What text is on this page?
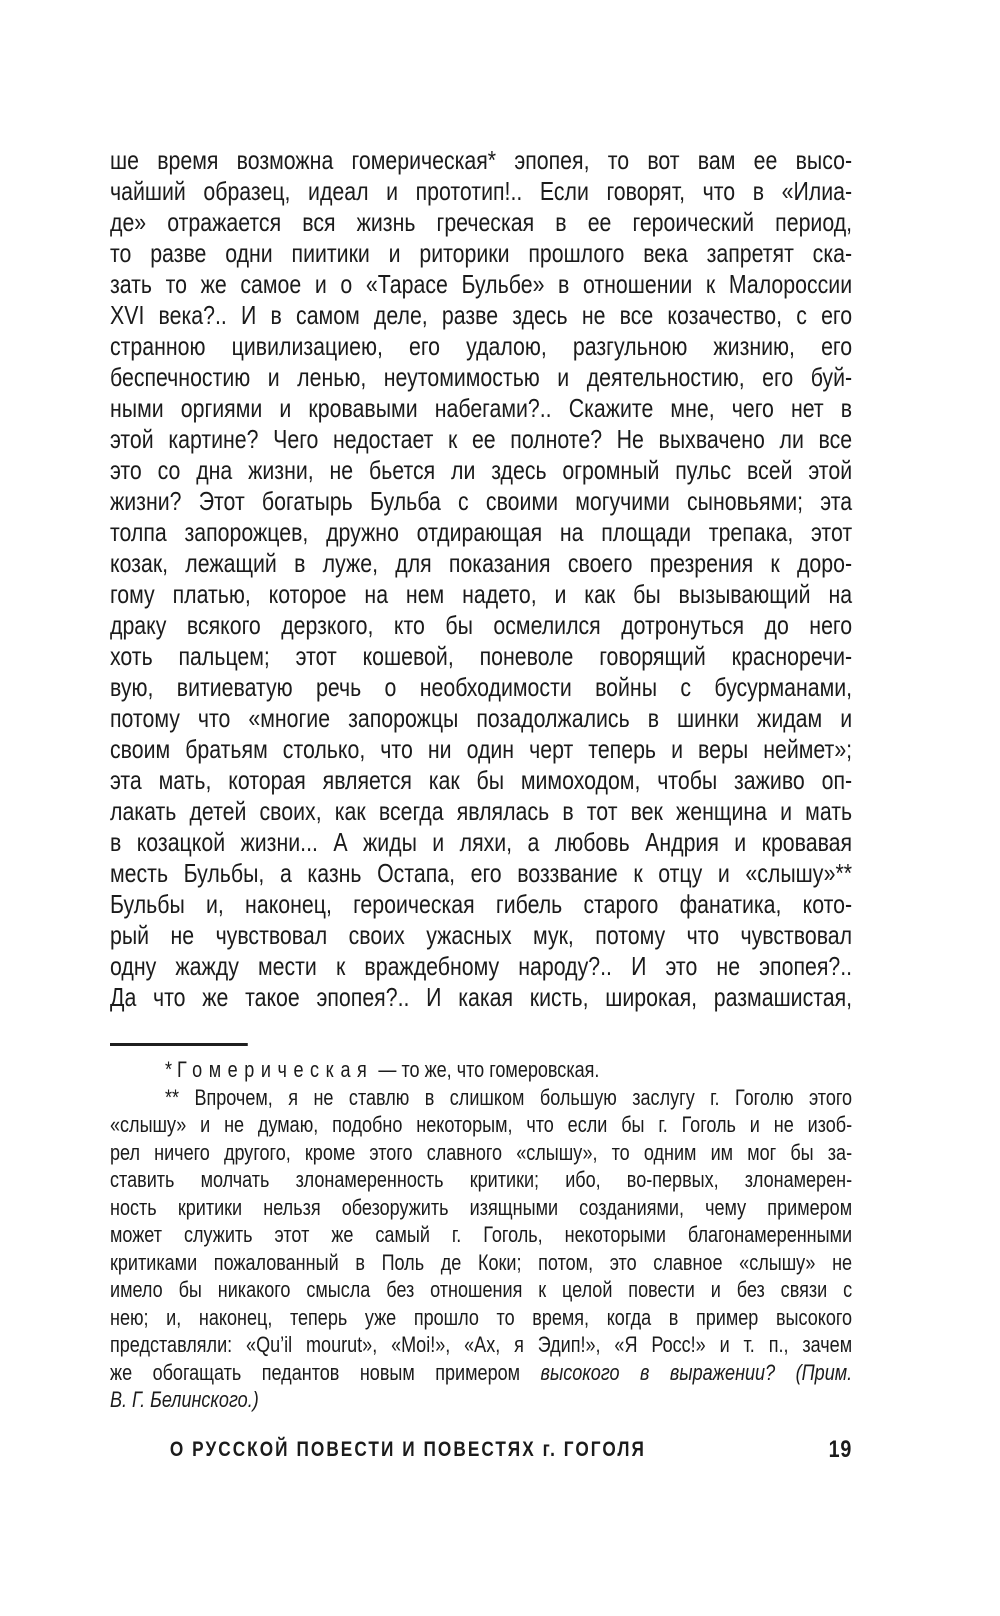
ше время возможна гомерическая* эпопея, то вот вам ее высо-
чайший образец, идеал и прототип!.. Если говорят, что в «Илиа-
де» отражается вся жизнь греческая в ее героический период,
то разве одни пиитики и риторики прошлого века запретят ска-
зать то же самое и о «Тарасе Бульбе» в отношении к Малороссии
XVI века?.. И в самом деле, разве здесь не все козачество, с его
странною цивилизациею, его удалою, разгульною жизнию, его
беспечностию и ленью, неутомимостью и деятельностию, его буй-
ными оргиями и кровавыми набегами?.. Скажите мне, чего нет в
этой картине? Чего недостает к ее полноте? Не выхвачено ли все
это со дна жизни, не бьется ли здесь огромный пульс всей этой
жизни? Этот богатырь Бульба с своими могучими сыновьями; эта
толпа запорожцев, дружно отдирающая на площади трепака, этот
козак, лежащий в луже, для показания своего презрения к доро-
гому платью, которое на нем надето, и как бы вызывающий на
драку всякого дерзкого, кто бы осмелился дотронуться до него
хоть пальцем; этот кошевой, поневоле говорящий красноречи-
вую, витиеватую речь о необходимости войны с бусурманами,
потому что «многие запорожцы позадолжались в шинки жидам и
своим братьям столько, что ни один черт теперь и веры неймет»;
эта мать, которая является как бы мимоходом, чтобы заживо оп-
лакать детей своих, как всегда являлась в тот век женщина и мать
в козацкой жизни... А жиды и ляхи, а любовь Андрия и кровавая
месть Бульбы, а казнь Остапа, его воззвание к отцу и «слышу»**
Бульбы и, наконец, героическая гибель старого фанатика, кото-
рый не чувствовал своих ужасных мук, потому что чувствовал
одну жажду мести к враждебному народу?.. И это не эпопея?..
Да что же такое эпопея?.. И какая кисть, широкая, размашистая,
* Гомерическая — то же, что гомеровская.
** Впрочем, я не ставлю в слишком большую заслугу г. Гоголю этого
«слышу» и не думаю, подобно некоторым, что если бы г. Гоголь и не изоб-
рел ничего другого, кроме этого славного «слышу», то одним им мог бы за-
ставить молчать злонамеренность критики; ибо, во-первых, злонамерен-
ность критики нельзя обезоружить изящными созданиями, чему примером
может служить этот же самый г. Гоголь, некоторыми благонамеренными
критиками пожалованный в Поль де Коки; потом, это славное «слышу» не
имело бы никакого смысла без отношения к целой повести и без связи с
нею; и, наконец, теперь уже прошло то время, когда в пример высокого
представляли: «Qu’il mourut», «Moi!», «Ах, я Эдип!», «Я Росс!» и т. п., зачем
же обогащать педантов новым примером высокого в выражении? (Прим.
В. Г. Белинского.)
О РУССКОЙ ПОВЕСТИ И ПОВЕСТЯХ г. ГОГОЛЯ	19
